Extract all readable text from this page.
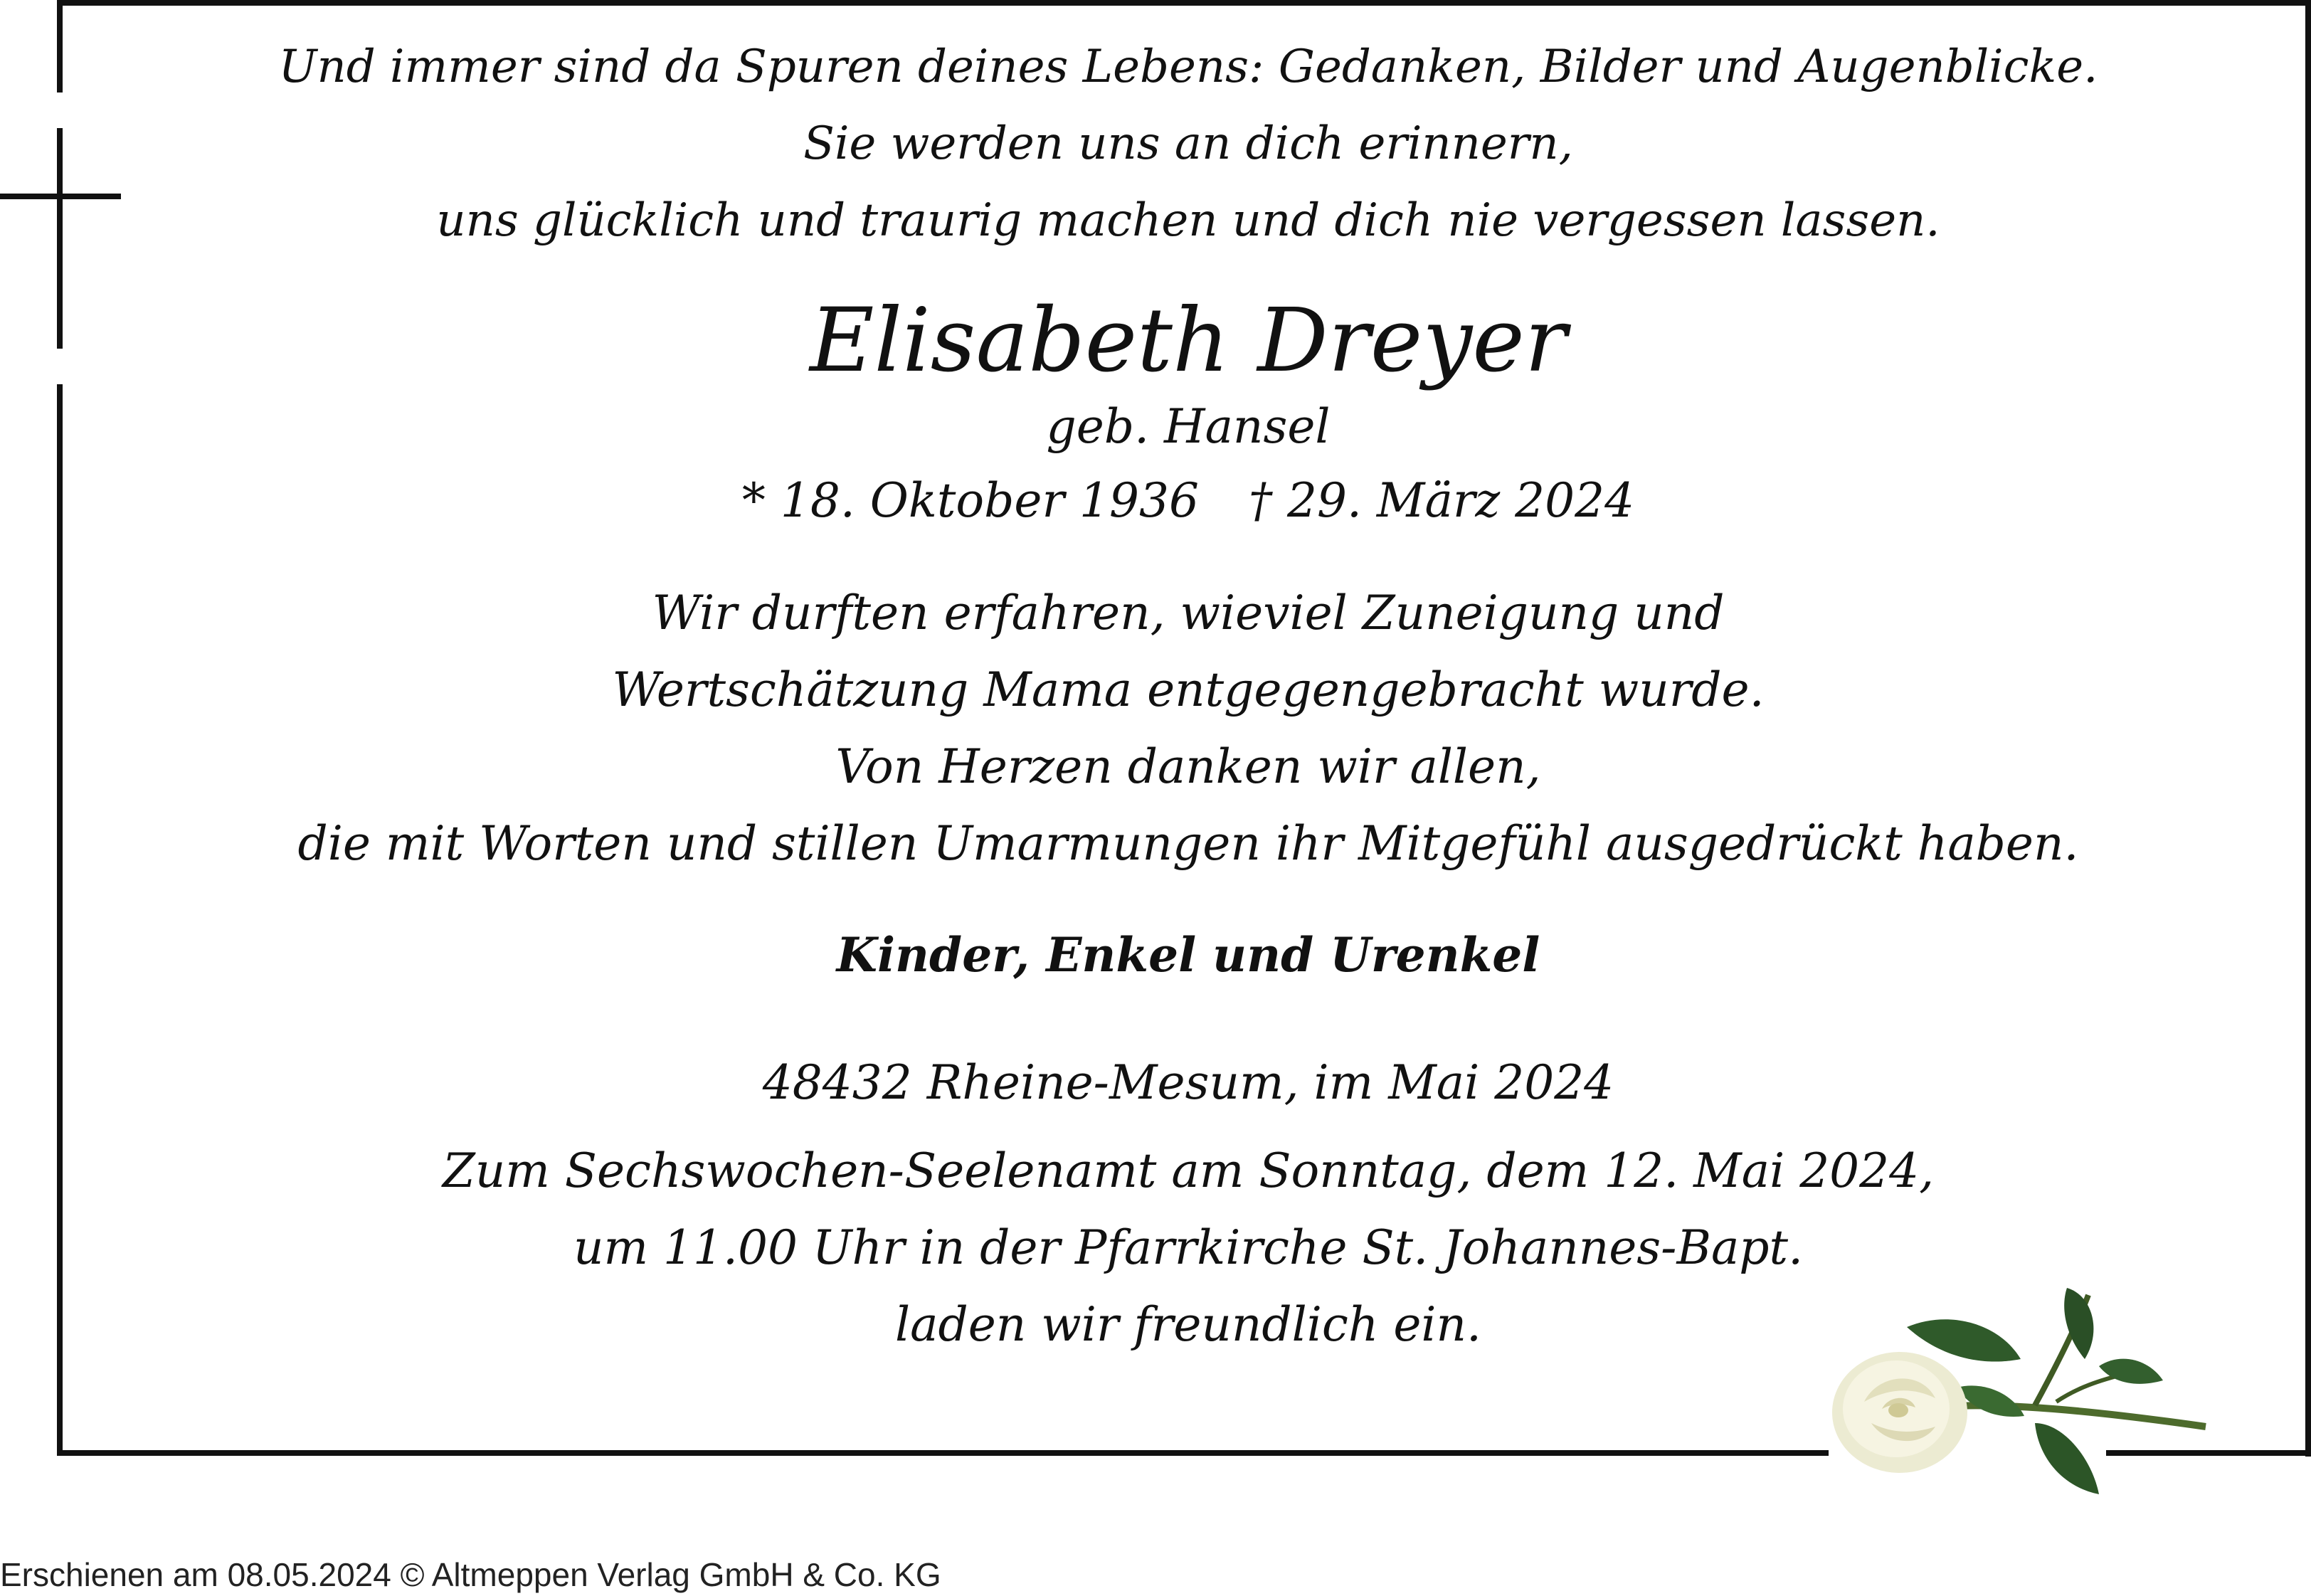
Und immer sind da Spuren deines Lebens: Gedanken, Bilder und Augenblicke.
Sie werden uns an dich erinnern,
uns glücklich und traurig machen und dich nie vergessen lassen.
Elisabeth Dreyer
geb. Hansel
* 18. Oktober 1936 † 29. März 2024
Wir durften erfahren, wieviel Zuneigung und
Wertschätzung Mama entgegengebracht wurde.
Von Herzen danken wir allen,
die mit Worten und stillen Umarmungen ihr Mitgefühl ausgedrückt haben.
Kinder, Enkel und Urenkel
48432 Rheine-Mesum, im Mai 2024
Zum Sechswochen-Seelenamt am Sonntag, dem 12. Mai 2024,
um 11.00 Uhr in der Pfarrkirche St. Johannes-Bapt.
laden wir freundlich ein.
Erschienen am 08.05.2024 © Altmeppen Verlag GmbH & Co. KG
